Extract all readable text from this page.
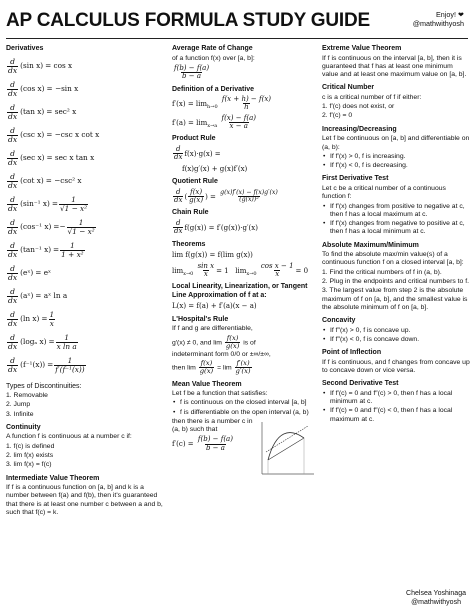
AP CALCULUS FORMULA STUDY GUIDE	Enjoy! ❤
@mathwithyosh
Derivatives
d
dx
(sin x) = cos x
d
dx
(cos x) = −sin x
d
dx
(tan x) = sec² x
d
dx
(csc x) = −csc x cot x
d
dx
(sec x) = sec x tan x
d
dx
(cot x) = −csc² x
d
dx
(sin⁻¹ $x) = \frac{1}{\text{√1 − x²}}$
d
dx
(cos⁻¹ x) = − $\frac{1}{\text{√1 − x²}}$
d
dx
(tan⁻¹ $x) = \frac{1}{\text{1 + x²}}$
d
dx
(eˣ) = eˣ
d
dx
(aˣ) = aˣ ln a
d
dx
(ln $x) = \frac{1}{x}$
d
dx
(logₐ $x) = \frac{1}{\text{x ln a}}$
d
dx
$(f^{-1}(x)) = \frac{1}{\text{f′(f⁻¹(x))}}$
Types of Discontinuities:
1. Removable
2. Jump
3. Infinite
Continuity
A function f is continuous at a number c if:
1. f(c) is defined
2. lim f(x) exists
3. lim f(x) = f(c)
Intermediate Value Theorem
If f is a continuous function on [a, b] and k is a number between f(a) and f(b), then it's guaranteed that there is at least one number c between a and b, such that f(c) = k.
Average Rate of Change
of a function f(x) over [a, b]:
$\frac{f(b) - f(a)}{b - a}$
Definition of a Derivative
$f'(x) = \lim_{h\to 0} \frac{f(x + h) - f(x)}{h}$
$f'(a) = \lim_{x\to a} \frac{f(x) - f(a)}{x - a}$
Product Rule
$\frac{d}{dx} f(x)\cdot g(x)$ =
f(x)g′(x) + g(x)f′(x)
Quotient Rule
$\frac{d}{dx}$ ( $\frac{f(x)}{g(x)}$ ) = $\frac{g(x)f'(x) - f(x)g'(x)}{\text{(g(x))²}}$
Chain Rule
$\frac{d}{dx} f(g(x)) = f'(g(x))\cdot g'(x)$
Theorems
lim f(g(x)) = f(lim g(x))
$\lim_{x\to 0} \frac{\text{sin x}}{x} = 1$   $\lim_{x\to 0} \frac{\text{cos x − 1}}{x} = 0$
Local Linearity, Linearization, or Tangent Line Approximation of f at a:
L(x) = f(a) + f′(a)(x − a)
L'Hospital's Rule
If f and g are differentiable,
g′(x) ≠ 0, and $\lim \frac{f(x)}{g(x)}$ is of
indeterminant form 0/0 or ±∞/±∞,
then $\lim \frac{f(x)}{g(x)} = \lim \frac{f'(x)}{g'(x)}$
Mean Value Theorem
Let f be a function that satisfies:
• f is continuous on the closed interval [a, b]
• f is differentiable on the open interval (a, b)
then there is a number c in (a, b) such that
$f'(c) = \frac{f(b) - f(a)}{b - a}$
Extreme Value Theorem
If f is continuous on the interval [a, b], then it is guaranteed that f has at least one minimum value and at least one maximum value on [a, b].
Critical Number
c is a critical number of f if either:
1. f′(c) does not exist, or
2. f′(c) = 0
Increasing/Decreasing
Let f be continuous on [a, b] and differentiable on (a, b):
• If f′(x) > 0, f is increasing.
• If f′(x) < 0, f is decreasing.
First Derivative Test
Let c be a critical number of a continuous function f:
• If f′(x) changes from positive to negative at c, then f has a local maximum at c.
• If f′(x) changes from negative to positive at c, then f has a local minimum at c.
Absolute Maximum/Minimum
To find the absolute max/min value(s) of a continuous function f on a closed interval [a, b]:
1. Find the critical numbers of f in (a, b).
2. Plug in the endpoints and critical numbers to f.
3. The largest value from step 2 is the absolute maximum of f on [a, b], and the smallest value is the absolute minimum of f on [a, b].
Concavity
• If f″(x) > 0, f is concave up.
• If f″(x) < 0, f is concave down.
Point of Inflection
If f is continuous, and f changes from concave up to concave down or vice versa.
Second Derivative Test
• If f′(c) = 0 and f″(c) > 0, then f has a local minimum at c.
• If f′(c) = 0 and f″(c) < 0, then f has a local maximum at c.
Chelsea Yoshinaga
@mathwithyosh
